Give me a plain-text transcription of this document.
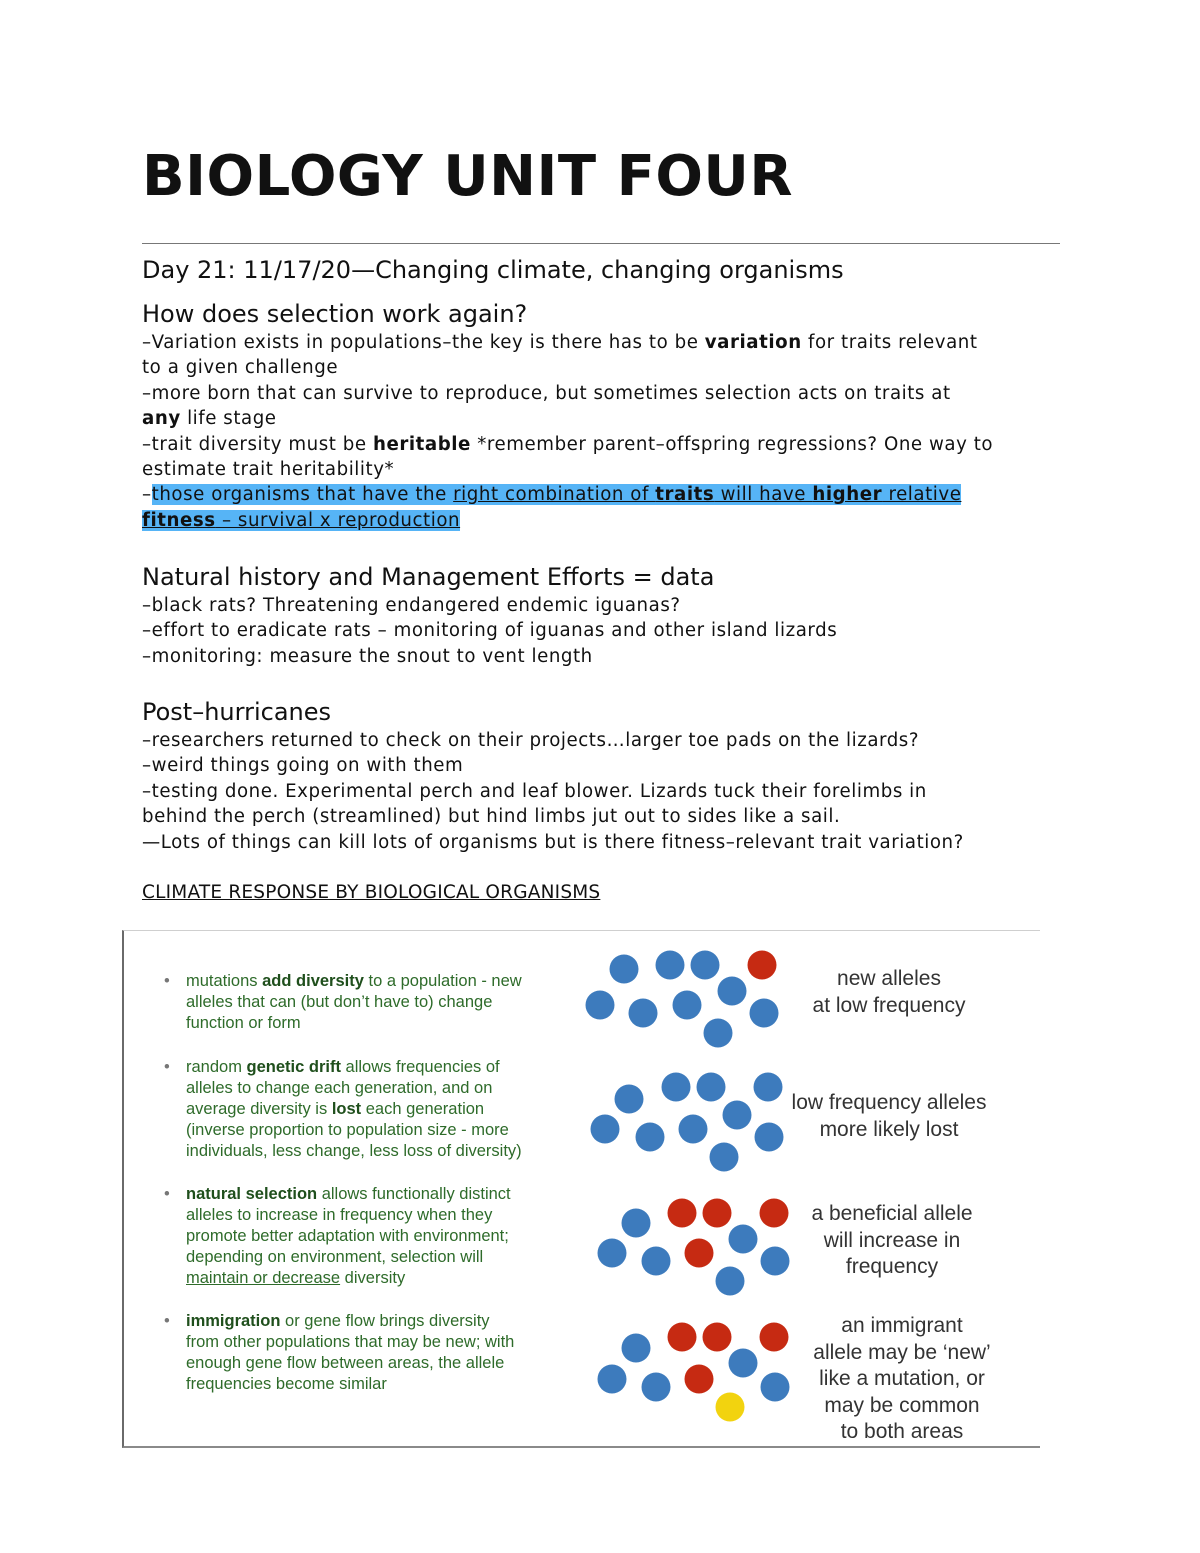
BIOLOGY UNIT FOUR
Day 21: 11/17/20—Changing climate, changing organisms

How does selection work again?

–Variation exists in populations–the key is there has to be variation for traits relevant

to a given challenge

–more born that can survive to reproduce, but sometimes selection acts on traits at

any life stage

–trait diversity must be heritable *remember parent–offspring regressions? One way to

estimate trait heritability*

–those organisms that have the right combination of traits will have higher relative

fitness – survival x reproduction

Natural history and Management Efforts = data

–black rats? Threatening endangered endemic iguanas?

–effort to eradicate rats – monitoring of iguanas and other island lizards

–monitoring: measure the snout to vent length

Post–hurricanes

–researchers returned to check on their projects…larger toe pads on the lizards?

–weird things going on with them

–testing done. Experimental perch and leaf blower. Lizards tuck their forelimbs in

behind the perch (streamlined) but hind limbs jut out to sides like a sail.

—Lots of things can kill lots of organisms but is there fitness–relevant trait variation?

CLIMATE RESPONSE BY BIOLOGICAL ORGANISMS
• mutations add diversity to a population - new
alleles that can (but don’t have to) change
function or form
new alleles
at low frequency
• random genetic drift allows frequencies of
alleles to change each generation, and on
average diversity is lost each generation
(inverse proportion to population size - more
individuals, less change, less loss of diversity)
low frequency alleles
more likely lost
• natural selection allows functionally distinct
alleles to increase in frequency when they
promote better adaptation with environment;
depending on environment, selection will
maintain or decrease diversity
a beneficial allele
will increase in
frequency
• immigration or gene flow brings diversity
from other populations that may be new; with
enough gene flow between areas, the allele
frequencies become similar
an immigrant
allele may be ‘new’
like a mutation, or
may be common
to both areas
